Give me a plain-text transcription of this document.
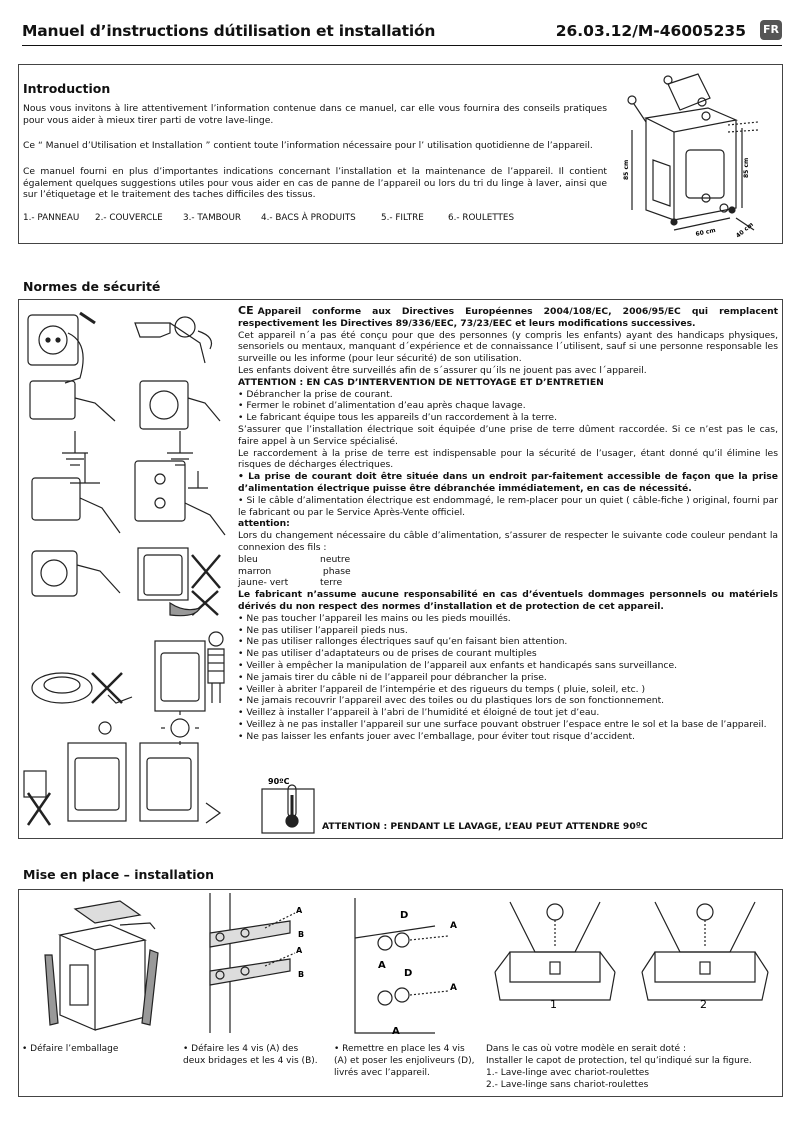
Manuel d’instructions dútilisation et installatión	26.03.12/M-46005235 FR
Introduction
Nous vous invitons à lire attentivement l’information contenue dans ce manuel, car elle vous fournira des conseils pratiques pour vous aider à mieux tirer parti de votre lave-linge.
Ce “ Manuel d’Utilisation et Installation ” contient toute l’information nécessaire pour l’ utilisation quotidienne de l’appareil.
Ce manuel fourni en plus d’importantes indications concernant l’installation et la maintenance de l’appareil. Il contient également quelques suggestions utiles pour vous aider en cas de panne de l’appareil ou lors du tri du linge à laver, ainsi que sur l’étiquetage et le traitement des taches difficiles des tissus.
1.- PANNEAU	2.- COUVERCLE	3.- TAMBOUR	4.- BACS À PRODUITS	5.- FILTRE	6.- ROULETTES
85 cm	85 cm
60 cm	40 cm
Normes de sécurité
CE Appareil conforme aux Directives Européennes 2004/108/EC, 2006/95/EC qui remplacent respectivement les Directives 89/336/EEC, 73/23/EEC et leurs modifications successives.
Cet appareil n´a pas été conçu pour que des personnes (y compris les enfants) ayant des handicaps physiques, sensoriels ou mentaux, manquant d´expérience et de connaissance l´utilisent, sauf si une personne responsable les surveille ou les informe (pour leur sécurité) de son utilisation.
Les enfants doivent être surveillés afin de s´assurer qu´ils ne jouent pas avec l´appareil.
ATTENTION : EN CAS D’INTERVENTION DE NETTOYAGE ET D’ENTRETIEN
• Débrancher la prise de courant.
• Fermer le robinet d’alimentation d’eau après chaque lavage.
• Le fabricant équipe tous les appareils d’un raccordement à la terre.
S’assurer que l’installation électrique soit équipée d’une prise de terre dûment raccordée. Si ce n’est pas le cas, faire appel à un Service spécialisé.
Le raccordement à la prise de terre est indispensable pour la sécurité de l’usager, étant donné qu’il élimine les risques de décharges électriques.
• La prise de courant doit être située dans un endroit par-faitement accessible de façon que la prise d’alimentation électrique puisse être débranchée immédiatement, en cas de nécessité.
• Si le câble d’alimentation électrique est endommagé, le rem-placer pour un quiet ( câble-fiche ) original, fourni par le fabricant ou par le Service Après-Vente officiel.
attention:
Lors du changement nécessaire du câble d’alimentation, s’assurer de respecter le suivante code couleur pendant la connexion des fils :
bleu	neutre
marron	phase
jaune- vert	terre
Le fabricant n’assume aucune responsabilité en cas d’éventuels dommages personnels ou matériels dérivés du non respect des normes d’installation et de protection de cet appareil.
• Ne pas toucher l’appareil les mains ou les pieds mouillés.
• Ne pas utiliser l’appareil pieds nus.
• Ne pas utiliser rallonges électriques sauf qu’en faisant bien attention.
• Ne pas utiliser d’adaptateurs ou de prises de courant multiples
• Veiller à empêcher la manipulation de l’appareil aux enfants et handicapés sans surveillance.
• Ne jamais tirer du câble ni de l’appareil pour débrancher la prise.
• Veiller à abriter l’appareil de l’intempérie et des rigueurs du temps ( pluie, soleil, etc. )
• Ne jamais recouvrir l’appareil avec des toiles ou du plastiques lors de son fonctionnement.
• Veillez à installer l’appareil à l’abri de l’humidité et éloigné de tout jet d’eau.
• Veillez à ne pas installer l’appareil sur une surface pouvant obstruer l’espace entre le sol et la base de l’appareil.
• Ne pas laisser les enfants jouer avec l’emballage, pour éviter tout risque d’accident.
90ºC
ATTENTION : PENDANT LE LAVAGE, L’EAU PEUT ATTENDRE 90ºC
Mise en place – installation
A
B
A
B
D
A
A
D
A
A
1	2
• Défaire l’emballage	• Défaire les 4 vis (A) des deux bridages et les 4 vis (B).
• Remettre en place les 4 vis (A) et poser les enjoliveurs (D), livrés avec l’appareil.
Dans le cas où votre modèle en serait doté :
Installer le capot de protection, tel qu’indiqué sur la figure.
1.- Lave-linge avec chariot-roulettes
2.- Lave-linge sans chariot-roulettes
